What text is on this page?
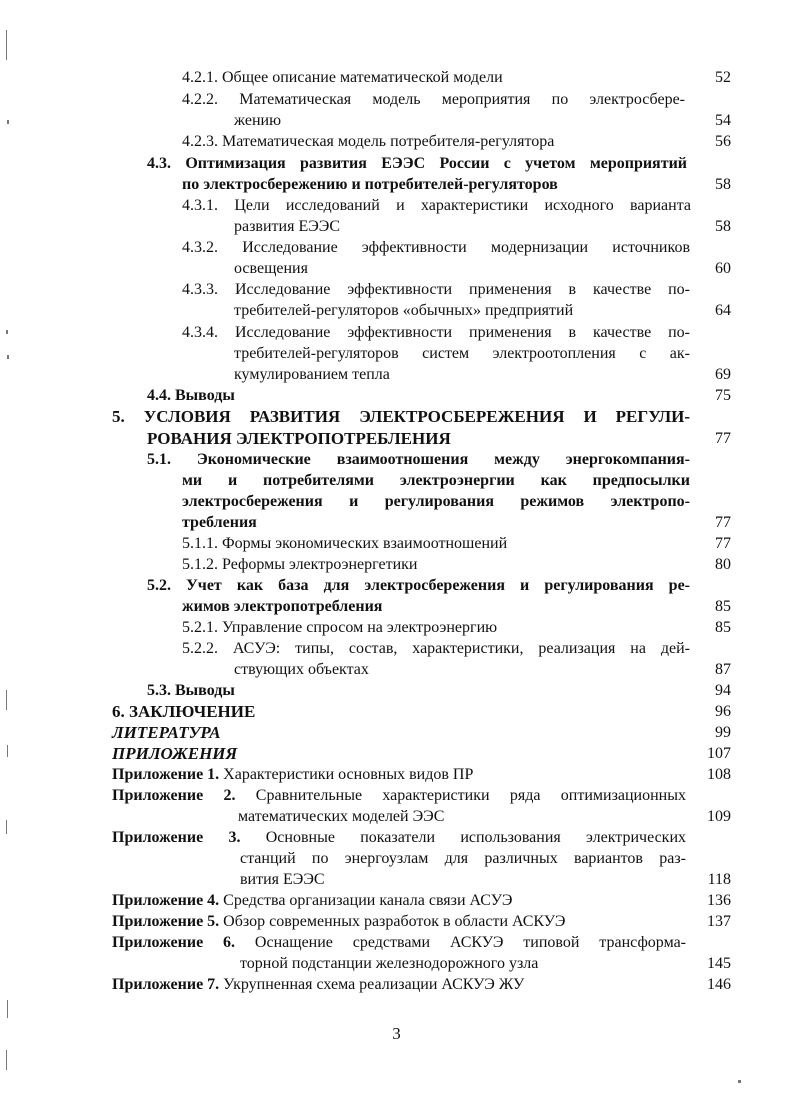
4.2.1. Общее описание математической модели	52
4.2.2. Математическая модель мероприятия по электросбере-
жению	54
4.2.3. Математическая модель потребителя-регулятора	56
4.3. Оптимизация развития ЕЭЭС России с учетом мероприятий
по электросбережению и потребителей-регуляторов	58
4.3.1. Цели исследований и характеристики исходного варианта
развития ЕЭЭС	58
4.3.2. Исследование эффективности модернизации источников
освещения	60
4.3.3. Исследование эффективности применения в качестве по-
требителей-регуляторов «обычных» предприятий	64
4.3.4. Исследование эффективности применения в качестве по-
требителей-регуляторов систем электроотопления с ак-
кумулированием тепла	69
4.4. Выводы	75
5. УСЛОВИЯ РАЗВИТИЯ ЭЛЕКТРОСБЕРЕЖЕНИЯ И РЕГУЛИ-
РОВАНИЯ ЭЛЕКТРОПОТРЕБЛЕНИЯ	77
5.1. Экономические взаимоотношения между энергокомпания-
ми и потребителями электроэнергии как предпосылки
электросбережения и регулирования режимов электропо-
требления	77
5.1.1. Формы экономических взаимоотношений	77
5.1.2. Реформы электроэнергетики	80
5.2. Учет как база для электросбережения и регулирования ре-
жимов электропотребления	85
5.2.1. Управление спросом на электроэнергию	85
5.2.2. АСУЭ: типы, состав, характеристики, реализация на дей-
ствующих объектах	87
5.3. Выводы	94
6. ЗАКЛЮЧЕНИЕ	96
ЛИТЕРАТУРА	99
ПРИЛОЖЕНИЯ	107
Приложение 1. Характеристики основных видов ПР	108
Приложение 2. Сравнительные характеристики ряда оптимизационных
математических моделей ЭЭС	109
Приложение 3. Основные показатели использования электрических
станций по энергоузлам для различных вариантов раз-
вития ЕЭЭС	118
Приложение 4. Средства организации канала связи АСУЭ	136
Приложение 5. Обзор современных разработок в области АСКУЭ	137
Приложение 6. Оснащение средствами АСКУЭ типовой трансформа-
торной подстанции железнодорожного узла	145
Приложение 7. Укрупненная схема реализации АСКУЭ ЖУ	146
3
